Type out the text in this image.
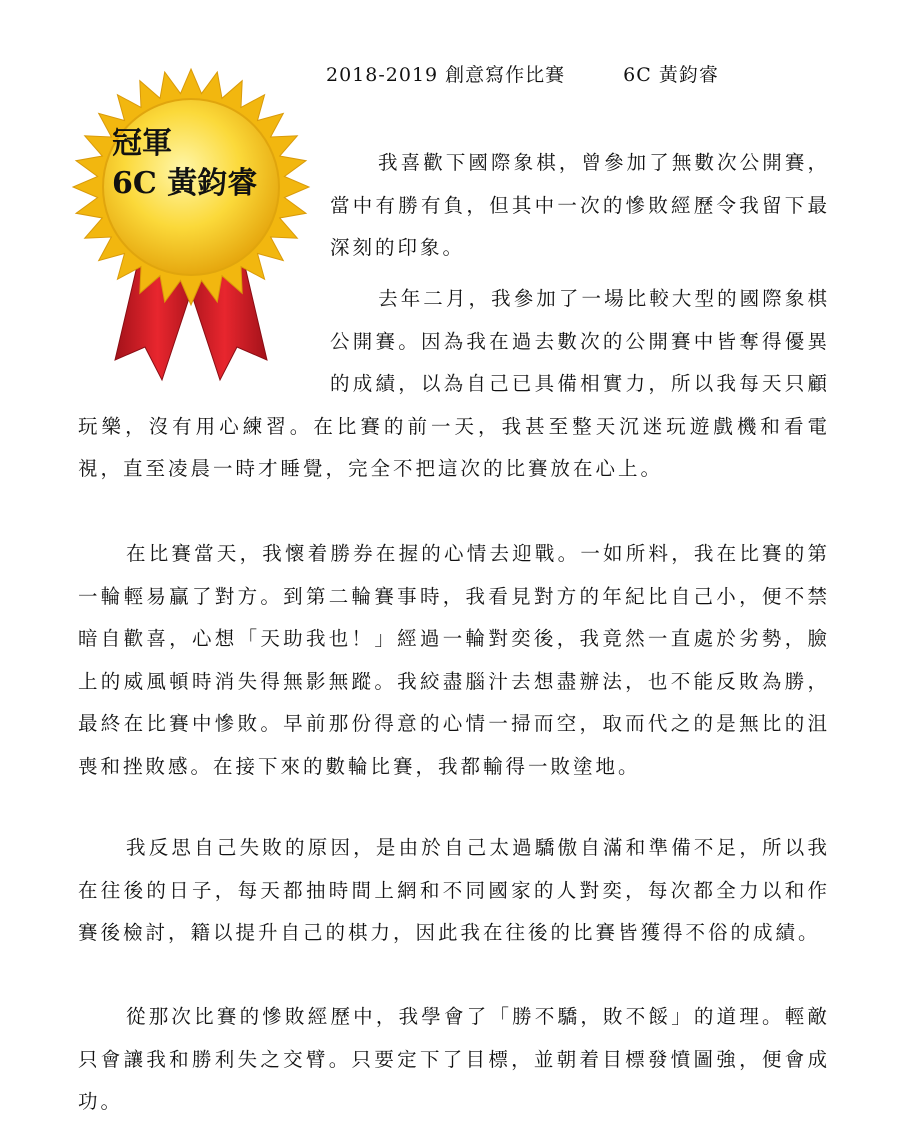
2018-2019 創意寫作比賽	6C 黃鈞睿
冠軍
6C 黃鈞睿

我喜歡下國際象棋，曾參加了無數次公開賽，當中有勝有負，但其中一次的慘敗經歷令我留下最深刻的印象。

去年二月，我參加了一場比較大型的國際象棋公開賽。因為我在過去數次的公開賽中皆奪得優異的成績，以為自己已具備相實力，所以我每天只顧玩樂，沒有用心練習。在比賽的前一天，我甚至整天沉迷玩遊戲機和看電視，直至凌晨一時才睡覺，完全不把這次的比賽放在心上。

在比賽當天，我懷着勝券在握的心情去迎戰。一如所料，我在比賽的第一輪輕易贏了對方。到第二輪賽事時，我看見對方的年紀比自己小，便不禁暗自歡喜，心想「天助我也！」經過一輪對奕後，我竟然一直處於劣勢，臉上的威風頓時消失得無影無蹤。我絞盡腦汁去想盡辦法，也不能反敗為勝，最終在比賽中慘敗。早前那份得意的心情一掃而空，取而代之的是無比的沮喪和挫敗感。在接下來的數輪比賽，我都輸得一敗塗地。

我反思自己失敗的原因，是由於自己太過驕傲自滿和準備不足，所以我在往後的日子，每天都抽時間上網和不同國家的人對奕，每次都全力以和作賽後檢討，籍以提升自己的棋力，因此我在往後的比賽皆獲得不俗的成績。

從那次比賽的慘敗經歷中，我學會了「勝不驕，敗不餒」的道理。輕敵只會讓我和勝利失之交臂。只要定下了目標，並朝着目標發憤圖強，便會成功。
